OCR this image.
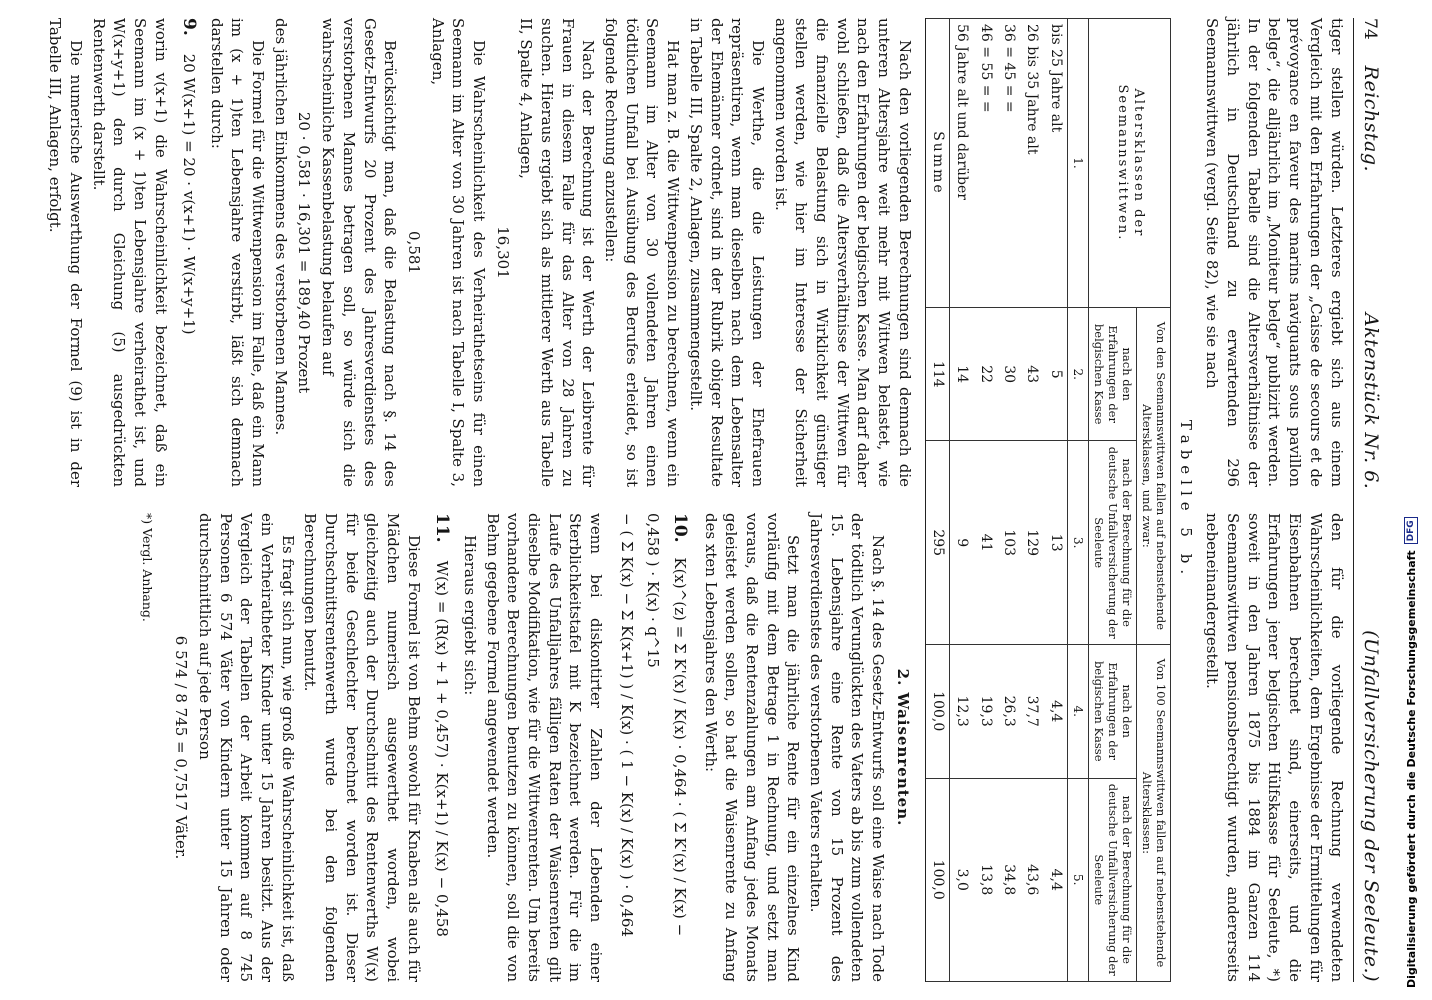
74
Reichstag.
Aktenstück Nr. 6.
(Unfallversicherung der Seeleute.)

tiger stellen würden. Letzteres ergiebt sich aus einem Vergleich mit den Erfahrungen der „Caisse de secours et de prévoyance en faveur des marins naviguants sous pavillon belge“, die alljährlich im „Moniteur belge“ publizirt werden. In der folgenden Tabelle sind die Altersverhältnisse der jährlich in Deutschland zu erwartenden 296 Seemannswittwen (vergl. Seite 82), wie sie nach

den für die vorliegende Rechnung verwendeten Wahrscheinlichkeiten, dem Ergebnisse der Ermittelungen für Eisenbahnen berechnet sind, einerseits, und die Erfahrungen jener belgischen Hülfskasse für Seeleute, *) soweit in den Jahren 1875 bis 1884 im Ganzen 114 Seemannswittwen pensionsberechtigt wurden, andererseits nebeneinandergestellt.

Tabelle 5 b.
Altersklassen der Seemannswittwen.	Von den Seemannswittwen fallen auf nebenstehende Altersklassen, und zwar:		Von 100 Seemannswittwen fallen auf nebenstehende Altersklassen:	
	nach den Erfahrungen der belgischen Kasse	nach der Berechnung für die deutsche Unfallversicherung der Seeleute	nach den Erfahrungen der belgischen Kasse	nach der Berechnung für die deutsche Unfallversicherung der Seeleute
1.	2.	3.	4.	5.
bis 25 Jahre alt	5	13	4,4	4,4
26 bis 35 Jahre alt	43	129	37,7	43,6
36 = 45 = =	30	103	26,3	34,8
46 = 55 = =	22	41	19,3	13,8
56 Jahre alt und darüber	14	9	12,3	3,0
Summe	114	295	100,0	100,0

Nach den vorliegenden Berechnungen sind demnach die unteren Altersjahre weit mehr mit Wittwen belastet, wie nach den Erfahrungen der belgischen Kasse. Man darf daher wohl schließen, daß die Altersverhältnisse der Wittwen für die finanzielle Belastung sich in Wirklichkeit günstiger stellen werden, wie hier im Interesse der Sicherheit angenommen worden ist.

Die Werthe, die die Leistungen der Ehefrauen repräsentiren, wenn man dieselben nach dem Lebensalter der Ehemänner ordnet, sind in der Rubrik obiger Resultate in Tabelle III, Spalte 2, Anlagen, zusammengestellt.

Hat man z. B. die Wittwenpension zu berechnen, wenn ein Seemann im Alter von 30 vollendeten Jahren einen tödtlichen Unfall bei Ausübung des Berufes erleidet, so ist folgende Rechnung anzustellen:

Nach der Berechnung ist der Werth der Leibrente für Frauen in diesem Falle für das Alter von 28 Jahren zu suchen. Hieraus ergiebt sich als mittlerer Werth aus Tabelle II, Spalte 4, Anlagen,

16,301

Die Wahrscheinlichkeit des Verheirathetseins für einen Seemann im Alter von 30 Jahren ist nach Tabelle I, Spalte 3, Anlagen,

0,581

Berücksichtigt man, daß die Belastung nach §. 14 des Gesetz-Entwurfs 20 Prozent des Jahresverdienstes des verstorbenen Mannes betragen soll, so würde sich die wahrscheinliche Kassenbelastung belaufen auf

20 · 0,581 · 16,301 = 189,40 Prozent

des jährlichen Einkommens des verstorbenen Mannes.

Die Formel für die Wittwenpension im Falle, daß ein Mann im (x + 1)ten Lebensjahre verstirbt, läßt sich demnach darstellen durch:

9.
20 W(x+1) = 20 · v(x+1) · W(x+y+1)

worin v(x+1) die Wahrscheinlichkeit bezeichnet, daß ein Seemann im (x + 1)ten Lebensjahre verheirathet ist, und W(x+y+1) den durch Gleichung (5) ausgedrückten Rentenwerth darstellt.

Die numerische Auswerthung der Formel (9) ist in der Tabelle III, Anlagen, erfolgt.

2. Waisenrenten.

Nach §. 14 des Gesetz-Entwurfs soll eine Waise nach Tode der tödtlich Verunglückten des Vaters ab bis zum vollendeten 15. Lebensjahre eine Rente von 15 Prozent des Jahresverdienstes des verstorbenen Vaters erhalten.

Setzt man die jährliche Rente für ein einzelnes Kind vorläufig mit dem Betrage 1 in Rechnung, und setzt man voraus, daß die Rentenzahlungen am Anfang jedes Monats geleistet werden sollen, so hat die Waisenrente zu Anfang des xten Lebensjahres den Werth:

10. K(x)^(z) = Σ K'(x) / K(x) · 0,464 · ( Σ K'(x) / K(x) − 0,458 ) · K(x) · q^15
− ( Σ K(x) − Σ K(x+1) ) / K(x) · ( 1 − K(x) / K(x) ) · 0,464

wenn bei diskontirter Zahlen der Lebenden einer Sterblichkeitstafel mit K bezeichnet werden. Für die im Laufe des Unfalljahres fälligen Raten der Waisenrenten gilt dieselbe Modifikation, wie für die Wittwenrenten. Um bereits vorhandene Berechnungen benutzen zu können, soll die von Behm gegebene Formel angewendet werden.

Hieraus ergiebt sich:

11.
W(x) = (R(x) + 1 + 0,457) · K(x+1) / K(x) − 0,458

Diese Formel ist von Behm sowohl für Knaben als auch für Mädchen numerisch ausgewerthet worden, wobei gleichzeitig auch der Durchschnitt des Rentenwerths W(x) für beide Geschlechter berechnet worden ist. Dieser Durchschnittsrentenwerth wurde bei den folgenden Berechnungen benutzt.

Es fragt sich nun, wie groß die Wahrscheinlichkeit ist, daß ein Verheiratheter Kinder unter 15 Jahren besitzt. Aus der Vergleich der Tabellen der Arbeit kommen auf 8 745 Personen 6 574 Väter von Kindern unter 15 Jahren oder durchschnittlich auf jede Person

6 574 / 8 745 = 0,7517 Väter.
*) Vergl. Anhang.	Digitalisierung gefördert durch die Deutsche Forschungsgemeinschaft
DFG
